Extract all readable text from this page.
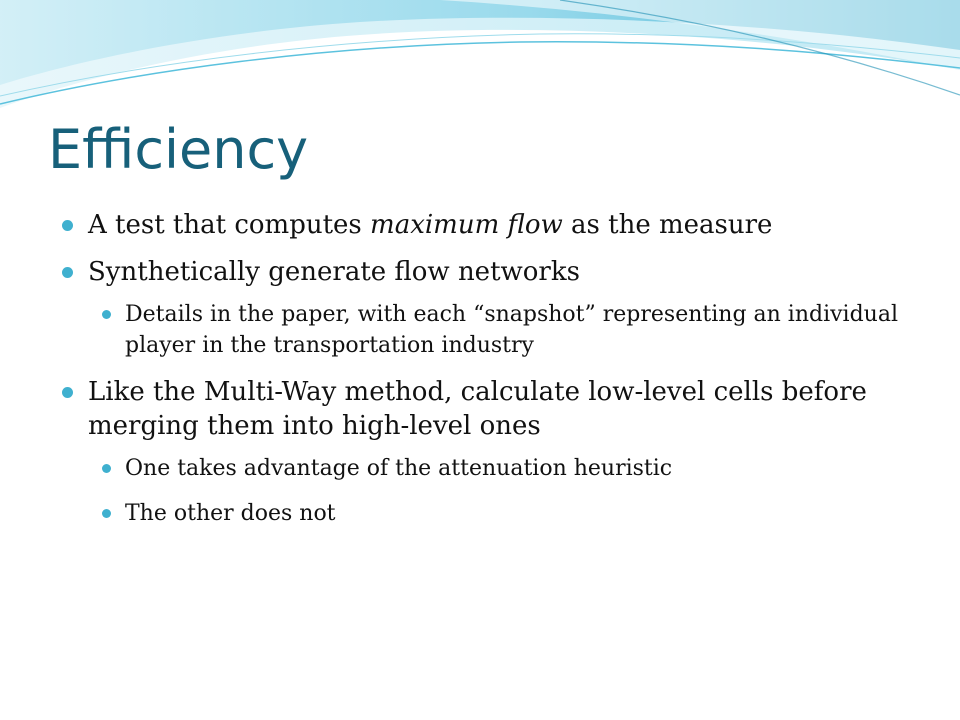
Efficiency
A test that computes maximum flow as the measure
Synthetically generate flow networks
Details in the paper, with each “snapshot” representing an individual player in the transportation industry
Like the Multi-Way method, calculate low-level cells before merging them into high-level ones
One takes advantage of the attenuation heuristic
The other does not
